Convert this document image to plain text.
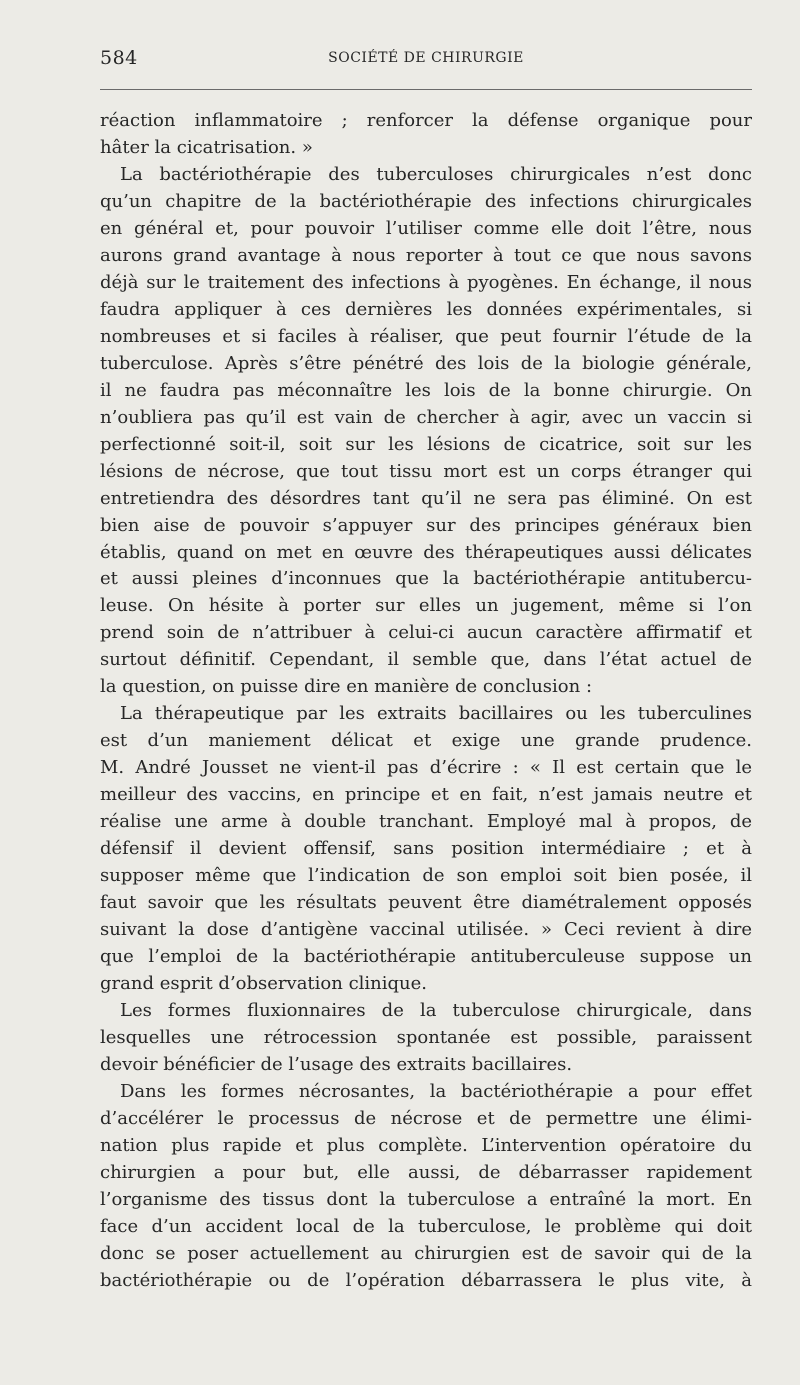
584	SOCIÉTÉ DE CHIRURGIE
réaction inflammatoire ; renforcer la défense organique pour
hâter la cicatrisation. »
La bactériothérapie des tuberculoses chirurgicales n’est donc
qu’un chapitre de la bactériothérapie des infections chirurgicales
en général et, pour pouvoir l’utiliser comme elle doit l’être, nous
aurons grand avantage à nous reporter à tout ce que nous savons
déjà sur le traitement des infections à pyogènes. En échange, il nous
faudra appliquer à ces dernières les données expérimentales, si
nombreuses et si faciles à réaliser, que peut fournir l’étude de la
tuberculose. Après s’être pénétré des lois de la biologie générale,
il ne faudra pas méconnaître les lois de la bonne chirurgie. On
n’oubliera pas qu’il est vain de chercher à agir, avec un vaccin si
perfectionné soit-il, soit sur les lésions de cicatrice, soit sur les
lésions de nécrose, que tout tissu mort est un corps étranger qui
entretiendra des désordres tant qu’il ne sera pas éliminé. On est
bien aise de pouvoir s’appuyer sur des principes généraux bien
établis, quand on met en œuvre des thérapeutiques aussi délicates
et aussi pleines d’inconnues que la bactériothérapie antitubercu-
leuse. On hésite à porter sur elles un jugement, même si l’on
prend soin de n’attribuer à celui-ci aucun caractère affirmatif et
surtout définitif. Cependant, il semble que, dans l’état actuel de
la question, on puisse dire en manière de conclusion :
La thérapeutique par les extraits bacillaires ou les tuberculines
est d’un maniement délicat et exige une grande prudence.
M. André Jousset ne vient-il pas d’écrire : « Il est certain que le
meilleur des vaccins, en principe et en fait, n’est jamais neutre et
réalise une arme à double tranchant. Employé mal à propos, de
défensif il devient offensif, sans position intermédiaire ; et à
supposer même que l’indication de son emploi soit bien posée, il
faut savoir que les résultats peuvent être diamétralement opposés
suivant la dose d’antigène vaccinal utilisée. » Ceci revient à dire
que l’emploi de la bactériothérapie antituberculeuse suppose un
grand esprit d’observation clinique.
Les formes fluxionnaires de la tuberculose chirurgicale, dans
lesquelles une rétrocession spontanée est possible, paraissent
devoir bénéficier de l’usage des extraits bacillaires.
Dans les formes nécrosantes, la bactériothérapie a pour effet
d’accélérer le processus de nécrose et de permettre une élimi-
nation plus rapide et plus complète. L’intervention opératoire du
chirurgien a pour but, elle aussi, de débarrasser rapidement
l’organisme des tissus dont la tuberculose a entraîné la mort. En
face d’un accident local de la tuberculose, le problème qui doit
donc se poser actuellement au chirurgien est de savoir qui de la
bactériothérapie ou de l’opération débarrassera le plus vite, à
